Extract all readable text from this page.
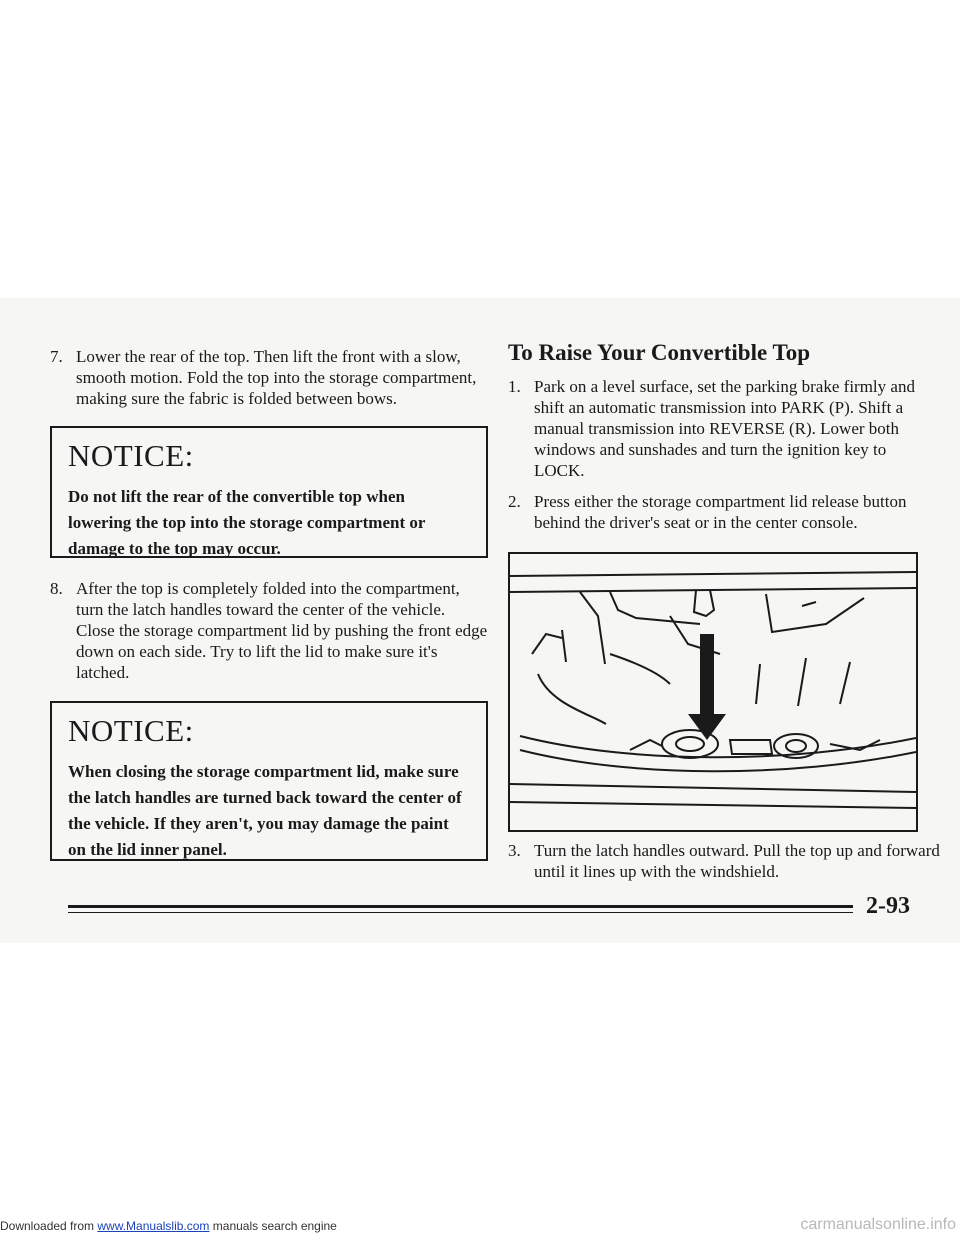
7. Lower the rear of the top. Then lift the front with a slow, smooth motion. Fold the top into the storage compartment, making sure the fabric is folded between bows.
NOTICE:

Do not lift the rear of the convertible top when lowering the top into the storage compartment or damage to the top may occur.

8. After the top is completely folded into the compartment, turn the latch handles toward the center of the vehicle. Close the storage compartment lid by pushing the front edge down on each side. Try to lift the lid to make sure it's latched.
NOTICE:

When closing the storage compartment lid, make sure the latch handles are turned back toward the center of the vehicle. If they aren't, you may damage the paint on the lid inner panel.

To Raise Your Convertible Top
1. Park on a level surface, set the parking brake firmly and shift an automatic transmission into PARK (P). Shift a manual transmission into REVERSE (R). Lower both windows and sunshades and turn the ignition key to LOCK.
2. Press either the storage compartment lid release button behind the driver's seat or in the center console.
3. Turn the latch handles outward. Pull the top up and forward until it lines up with the windshield.
2-93
Downloaded from www.Manualslib.com manuals search engine	carmanualsonline.info
